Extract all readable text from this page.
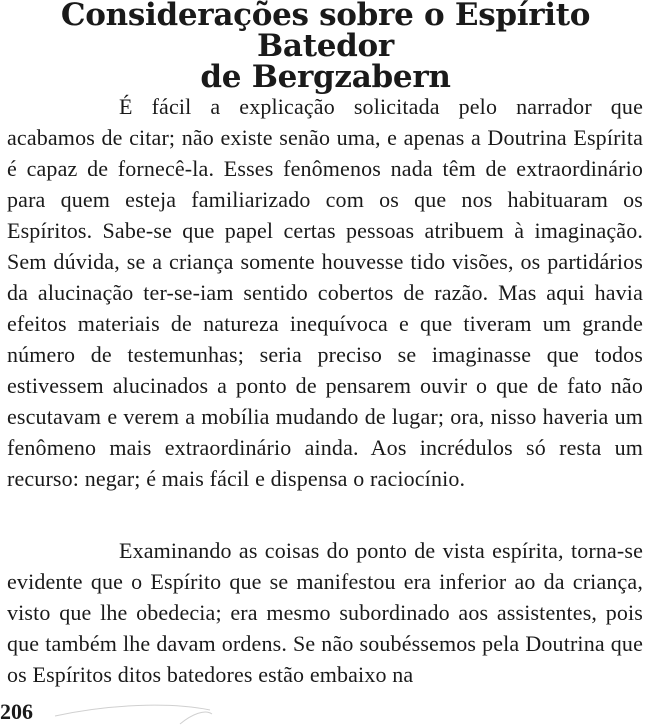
Considerações sobre o Espírito Batedor
de Bergzabern

É fácil a explicação solicitada pelo narrador que acabamos de citar; não existe senão uma, e apenas a Doutrina Espírita é capaz de fornecê-la. Esses fenômenos nada têm de extraordinário para quem esteja familiarizado com os que nos habituaram os Espíritos. Sabe-se que papel certas pessoas atribuem à imaginação. Sem dúvida, se a criança somente houvesse tido visões, os partidários da alucinação ter-se-iam sentido cobertos de razão. Mas aqui havia efeitos materiais de natureza inequívoca e que tiveram um grande número de testemunhas; seria preciso se imaginasse que todos estivessem alucinados a ponto de pensarem ouvir o que de fato não escutavam e verem a mobília mudando de lugar; ora, nisso haveria um fenômeno mais extraordinário ainda. Aos incrédulos só resta um recurso: negar; é mais fácil e dispensa o raciocínio.

Examinando as coisas do ponto de vista espírita, torna-se evidente que o Espírito que se manifestou era inferior ao da criança, visto que lhe obedecia; era mesmo subordinado aos assistentes, pois que também lhe davam ordens. Se não soubéssemos pela Doutrina que os Espíritos ditos batedores estão embaixo na

206
